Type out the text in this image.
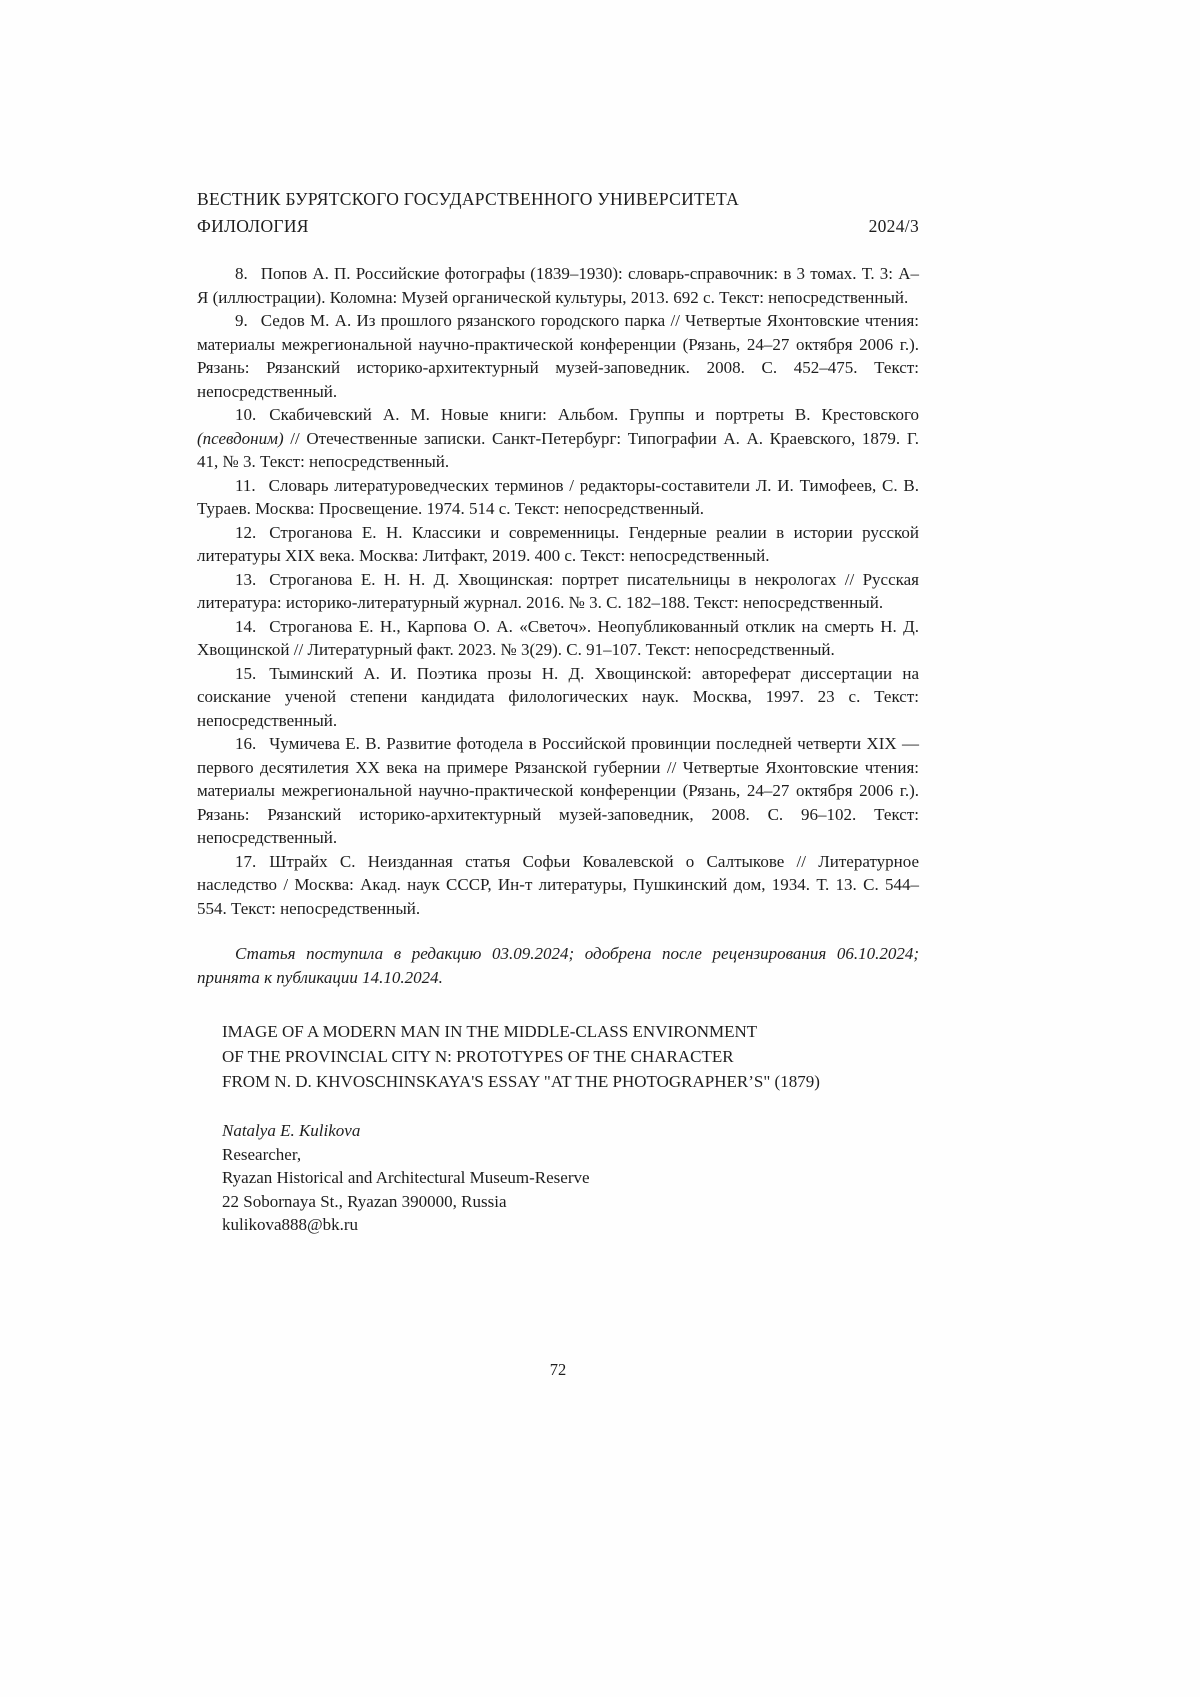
ВЕСТНИК БУРЯТСКОГО ГОСУДАРСТВЕННОГО УНИВЕРСИТЕТА
ФИЛОЛОГИЯ	2024/3

8. Попов А. П. Российские фотографы (1839–1930): словарь-справочник: в 3 томах. Т. 3: А–Я (иллюстрации). Коломна: Музей органической культуры, 2013. 692 с. Текст: непосредственный.

9. Седов М. А. Из прошлого рязанского городского парка // Четвертые Яхонтовские чтения: материалы межрегиональной научно-практической конференции (Рязань, 24–27 октября 2006 г.). Рязань: Рязанский историко-архитектурный музей-заповедник. 2008. С. 452–475. Текст: непосредственный.

10. Скабичевский А. М. Новые книги: Альбом. Группы и портреты В. Крестовского (псевдоним) // Отечественные записки. Санкт-Петербург: Типографии А. А. Краевского, 1879. Г. 41, № 3. Текст: непосредственный.

11. Словарь литературоведческих терминов / редакторы-составители Л. И. Тимофеев, С. В. Тураев. Москва: Просвещение. 1974. 514 с. Текст: непосредственный.

12. Строганова Е. Н. Классики и современницы. Гендерные реалии в истории русской литературы XIX века. Москва: Литфакт, 2019. 400 с. Текст: непосредственный.

13. Строганова Е. Н. Н. Д. Хвощинская: портрет писательницы в некрологах // Русская литература: историко-литературный журнал. 2016. № 3. С. 182–188. Текст: непосредственный.

14. Строганова Е. Н., Карпова О. А. «Светоч». Неопубликованный отклик на смерть Н. Д. Хвощинской // Литературный факт. 2023. № 3(29). С. 91–107. Текст: непосредственный.

15. Тыминский А. И. Поэтика прозы Н. Д. Хвощинской: автореферат диссертации на соискание ученой степени кандидата филологических наук. Москва, 1997. 23 с. Текст: непосредственный.

16. Чумичева Е. В. Развитие фотодела в Российской провинции последней четверти XIX — первого десятилетия XX века на примере Рязанской губернии // Четвертые Яхонтовские чтения: материалы межрегиональной научно-практической конференции (Рязань, 24–27 октября 2006 г.). Рязань: Рязанский историко-архитектурный музей-заповедник, 2008. С. 96–102. Текст: непосредственный.

17. Штрайх С. Неизданная статья Софьи Ковалевской о Салтыкове // Литературное наследство / Москва: Акад. наук СССР, Ин-т литературы, Пушкинский дом, 1934. Т. 13. С. 544–554. Текст: непосредственный.

Статья поступила в редакцию 03.09.2024; одобрена после рецензирования 06.10.2024; принята к публикации 14.10.2024.

IMAGE OF A MODERN MAN IN THE MIDDLE-CLASS ENVIRONMENT
OF THE PROVINCIAL CITY N: PROTOTYPES OF THE CHARACTER
FROM N. D. KHVOSCHINSKAYA'S ESSAY "AT THE PHOTOGRAPHER’S" (1879)
Natalya E. Kulikova
Researcher,
Ryazan Historical and Architectural Museum-Reserve
22 Sobornaya St., Ryazan 390000, Russia
kulikova888@bk.ru
72
